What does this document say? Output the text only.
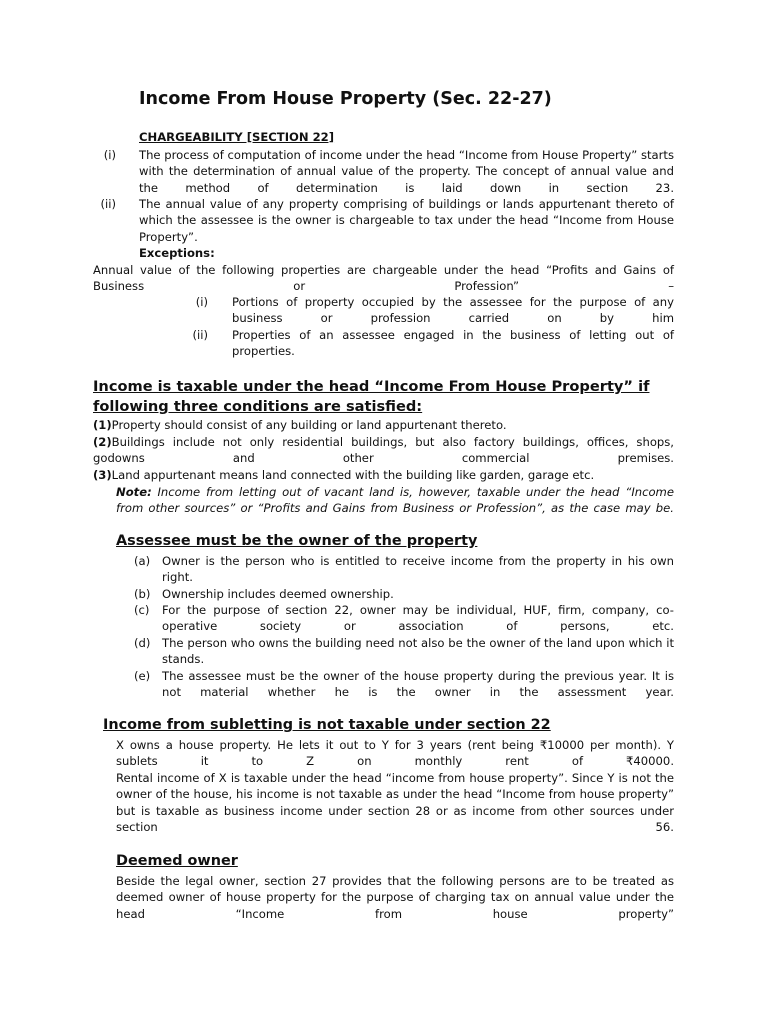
Income From House Property (Sec. 22-27)
CHARGEABILITY [SECTION 22]
(i) The process of computation of income under the head “Income from House Property” starts with the determination of annual value of the property. The concept of annual value and the method of determination is laid down in section 23.
(ii) The annual value of any property comprising of buildings or lands appurtenant thereto of which the assessee is the owner is chargeable to tax under the head “Income from House Property”.
Exceptions:
Annual value of the following properties are chargeable under the head “Profits and Gains of Business or Profession” –
(i) Portions of property occupied by the assessee for the purpose of any business or profession carried on by him
(ii) Properties of an assessee engaged in the business of letting out of properties.
Income is taxable under the head “Income From House Property” if following three conditions are satisfied:
(1)Property should consist of any building or land appurtenant thereto.
(2)Buildings include not only residential buildings, but also factory buildings, offices, shops, godowns and other commercial premises.
(3)Land appurtenant means land connected with the building like garden, garage etc.
Note: Income from letting out of vacant land is, however, taxable under the head “Income from other sources” or “Profits and Gains from Business or Profession”, as the case may be.
Assessee must be the owner of the property
(a)	Owner is the person who is entitled to receive income from the property in his own right.
(b) Ownership includes deemed ownership.
(c)	For the purpose of section 22, owner may be individual, HUF, firm, company, co-operative society or association of persons, etc.
(d) The person who owns the building need not also be the owner of the land upon which it stands.
(e)	The assessee must be the owner of the house property during the previous year. It is not material whether he is the owner in the assessment year.
Income from subletting is not taxable under section 22
X owns a house property. He lets it out to Y for 3 years (rent being ₹10000 per month). Y sublets it to Z on monthly rent of ₹40000.
Rental income of X is taxable under the head “income from house property”. Since Y is not the owner of the house, his income is not taxable as under the head “Income from house property” but is taxable as business income under section 28 or as income from other sources under section 56.
Deemed owner
Beside the legal owner, section 27 provides that the following persons are to be treated as deemed owner of house property for the purpose of charging tax on annual value under the head “Income from house property”
